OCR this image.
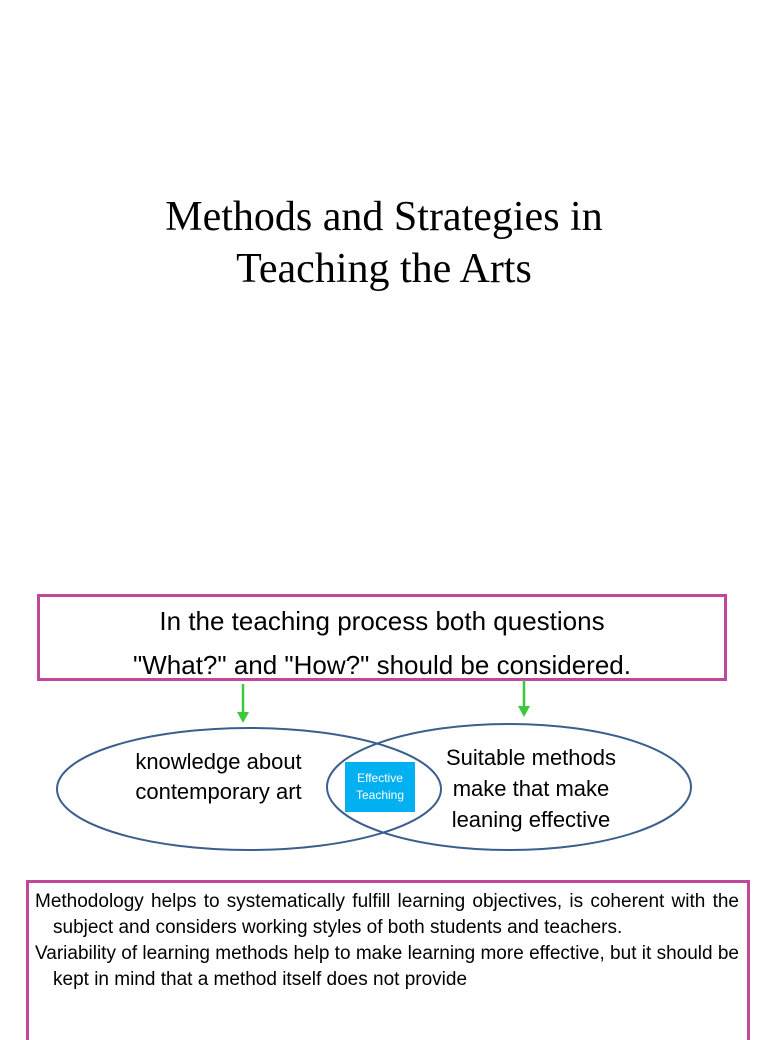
Methods and Strategies in
Teaching the Arts
In the teaching process both questions
"What?" and "How?" should be considered.
knowledge about
contemporary art
Suitable methods
make that make
leaning effective
Effective
Teaching

Methodology helps to systematically fulfill learning objectives, is coherent with the subject and considers working styles of both students and teachers.

Variability of learning methods help to make learning more effective, but it should be kept in mind that a method itself does not provide
